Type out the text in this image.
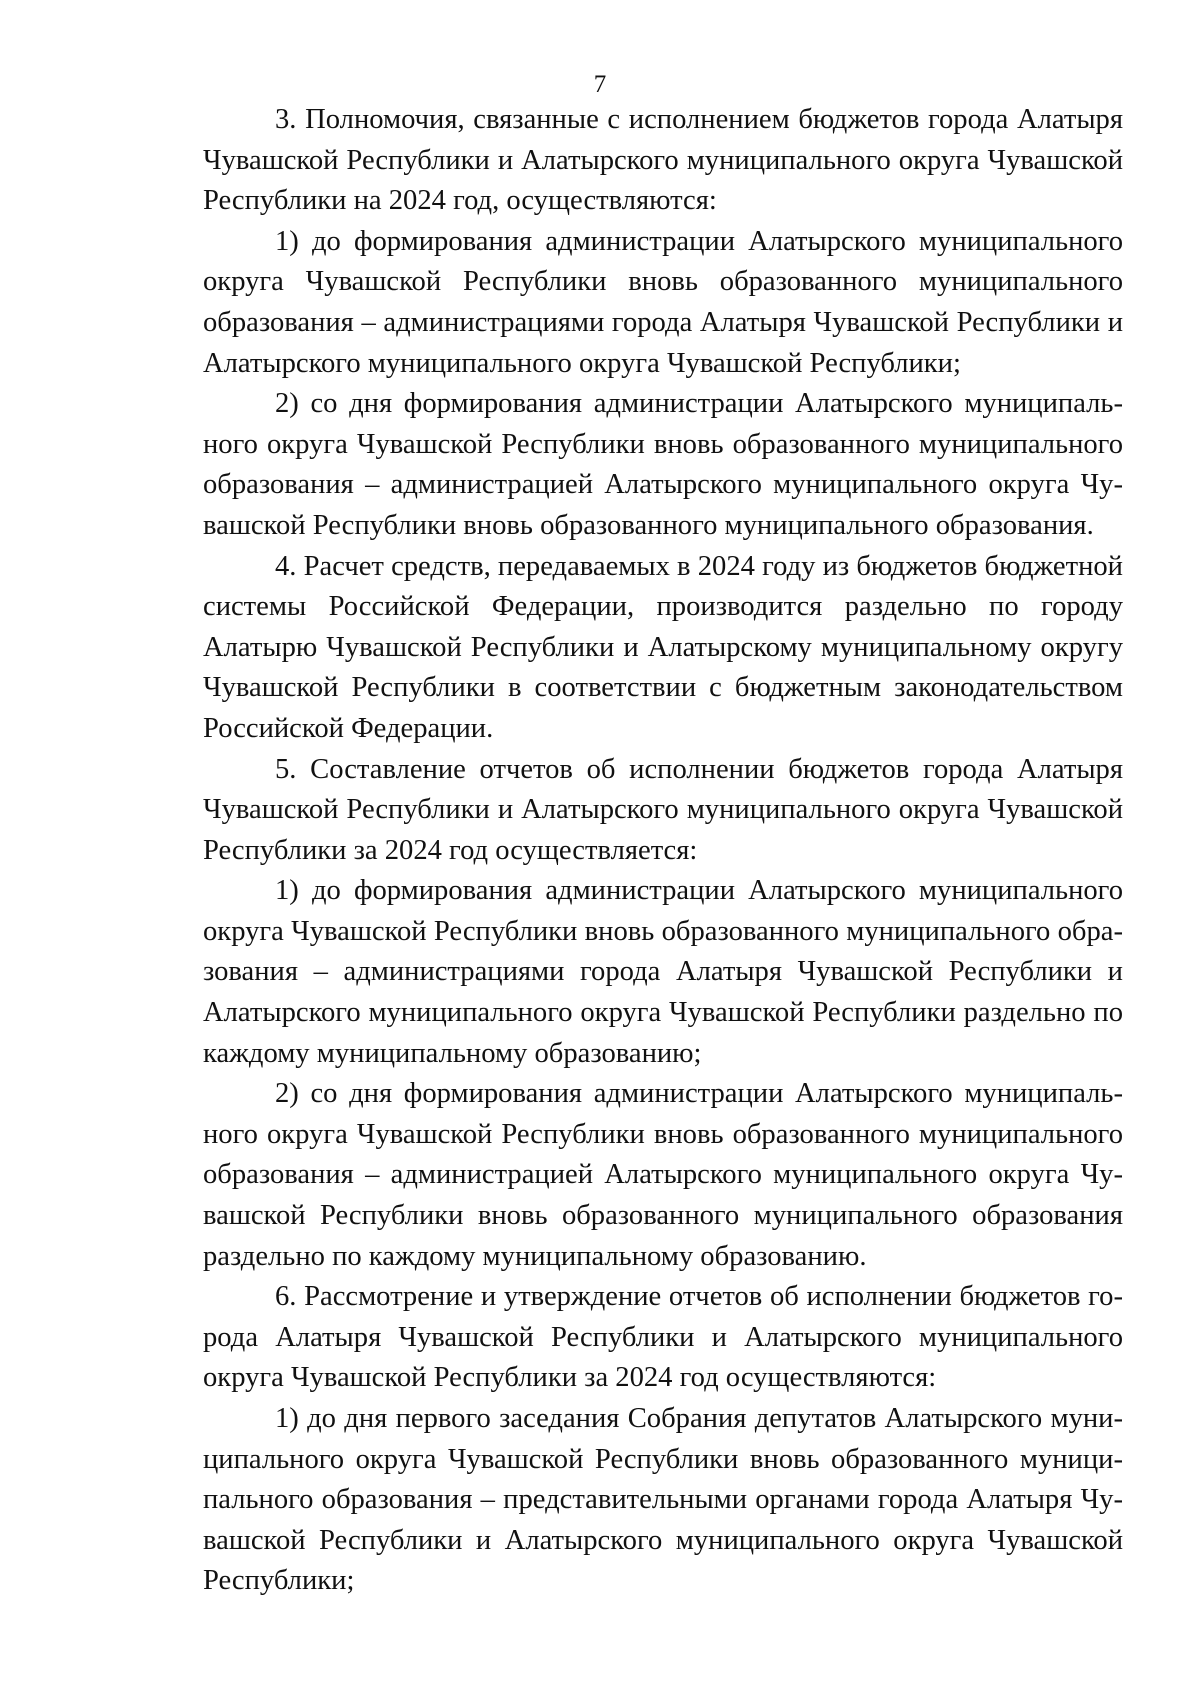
7

3. Полномочия, связанные с исполнением бюджетов города Алатыря Чувашской Республики и Алатырского муниципального округа Чувашской Республики на 2024 год, осуществляются:

1) до формирования администрации Алатырского муниципального округа Чувашской Республики вновь образованного муниципального образования – администрациями города Алатыря Чувашской Республики и Алатырского муниципального округа Чувашской Республики;

2) со дня формирования администрации Алатырского муниципального округа Чувашской Республики вновь образованного муниципального образования – администрацией Алатырского муниципального округа Чувашской Республики вновь образованного муниципального образования.

4. Расчет средств, передаваемых в 2024 году из бюджетов бюджетной системы Российской Федерации, производится раздельно по городу Алатырю Чувашской Республики и Алатырскому муниципальному округу Чувашской Республики в соответствии с бюджетным законодательством Российской Федерации.

5. Составление отчетов об исполнении бюджетов города Алатыря Чувашской Республики и Алатырского муниципального округа Чувашской Республики за 2024 год осуществляется:

1) до формирования администрации Алатырского муниципального округа Чувашской Республики вновь образованного муниципального образования – администрациями города Алатыря Чувашской Республики и Алатырского муниципального округа Чувашской Республики раздельно по каждому муниципальному образованию;

2) со дня формирования администрации Алатырского муниципального округа Чувашской Республики вновь образованного муниципального образования – администрацией Алатырского муниципального округа Чувашской Республики вновь образованного муниципального образования раздельно по каждому муниципальному образованию.

6. Рассмотрение и утверждение отчетов об исполнении бюджетов города Алатыря Чувашской Республики и Алатырского муниципального округа Чувашской Республики за 2024 год осуществляются:

1) до дня первого заседания Собрания депутатов Алатырского муниципального округа Чувашской Республики вновь образованного муниципального образования – представительными органами города Алатыря Чувашской Республики и Алатырского муниципального округа Чувашской Республики;
